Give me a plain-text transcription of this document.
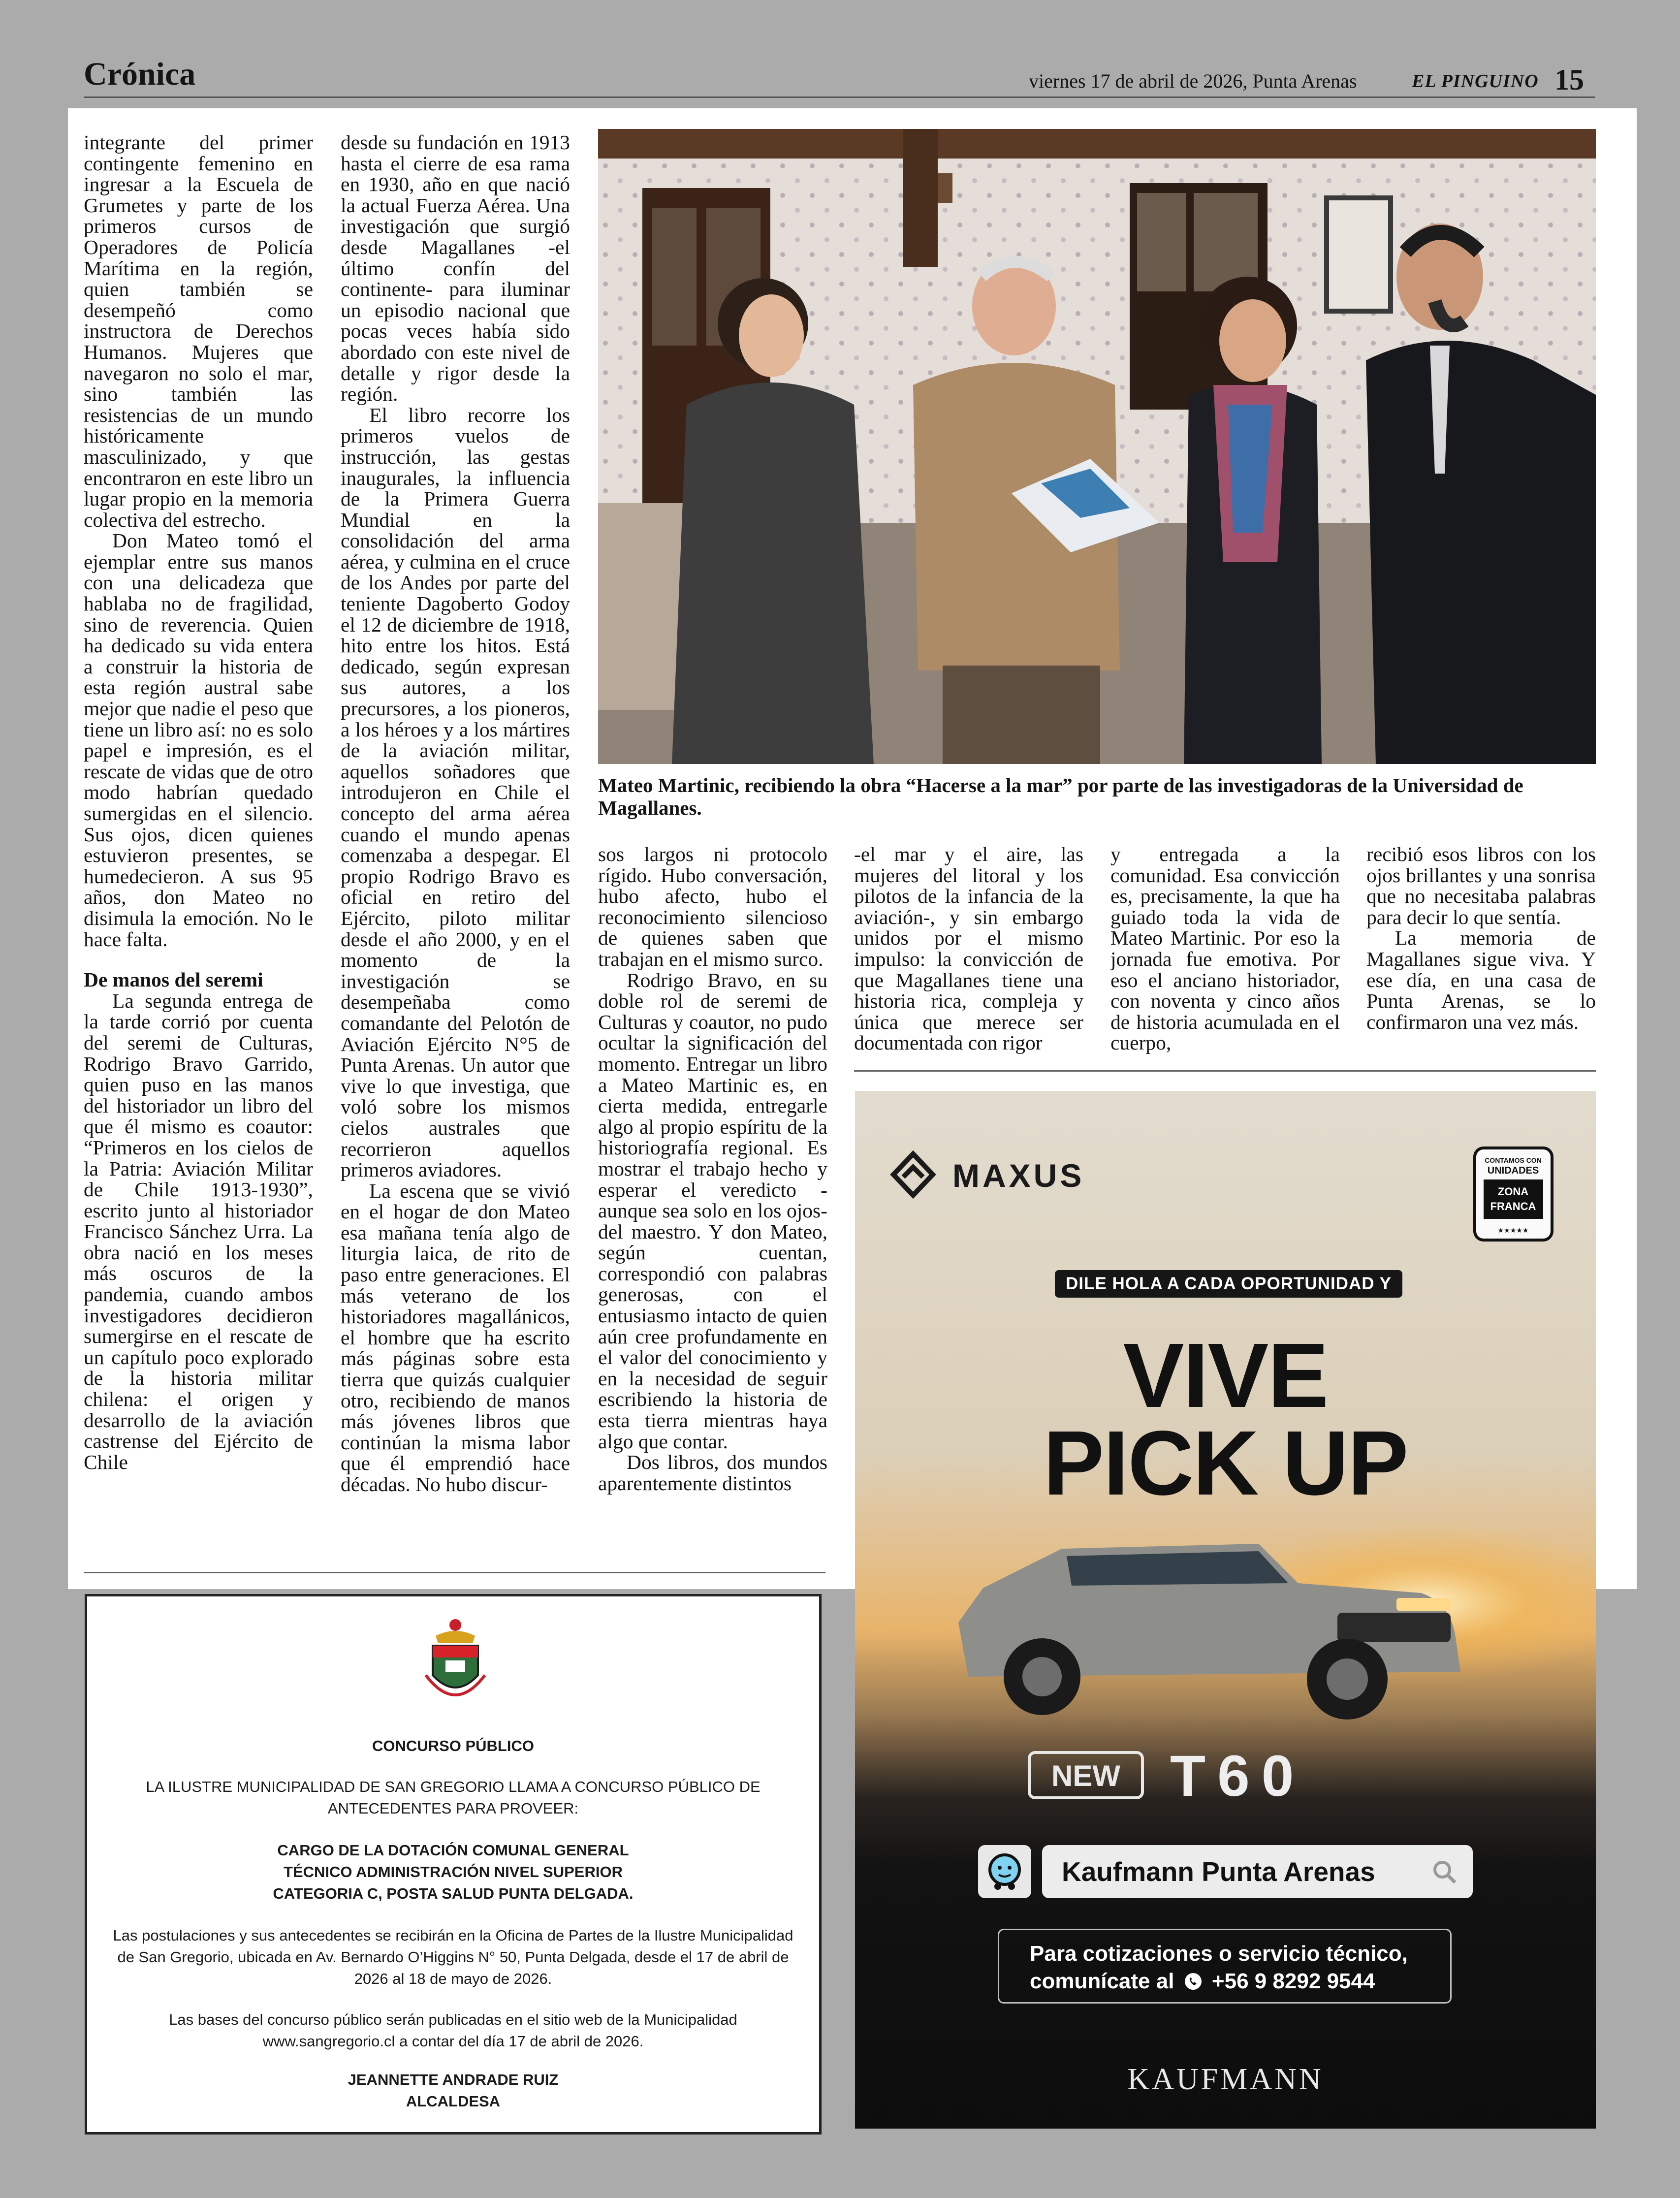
Crónica	viernes 17 de abril de 2026, Punta Arenas	EL PINGUINO 15

integrante del primer contingente femenino en ingresar a la Escuela de Grumetes y parte de los primeros cursos de Operadores de Policía Marítima en la región, quien también se desempeñó como instructora de Derechos Humanos. Mujeres que navegaron no solo el mar, sino también las resistencias de un mundo históricamente masculinizado, y que encontraron en este libro un lugar propio en la memoria colectiva del estrecho.

Don Mateo tomó el ejemplar entre sus manos con una delicadeza que hablaba no de fragilidad, sino de reverencia. Quien ha dedicado su vida entera a construir la historia de esta región austral sabe mejor que nadie el peso que tiene un libro así: no es solo papel e impresión, es el rescate de vidas que de otro modo habrían quedado sumergidas en el silencio. Sus ojos, dicen quienes estuvieron presentes, se humedecieron. A sus 95 años, don Mateo no disimula la emoción. No le hace falta.

De manos del seremi

La segunda entrega de la tarde corrió por cuenta del seremi de Culturas, Rodrigo Bravo Garrido, quien puso en las manos del historiador un libro del que él mismo es coautor: “Primeros en los cielos de la Patria: Aviación Militar de Chile 1913-1930”, escrito junto al historiador Francisco Sánchez Urra. La obra nació en los meses más oscuros de la pandemia, cuando ambos investigadores decidieron sumergirse en el rescate de un capítulo poco explorado de la historia militar chilena: el origen y desarrollo de la aviación castrense del Ejército de Chile

desde su fundación en 1913 hasta el cierre de esa rama en 1930, año en que nació la actual Fuerza Aérea. Una investigación que surgió desde Magallanes -el último confín del continente- para iluminar un episodio nacional que pocas veces había sido abordado con este nivel de detalle y rigor desde la región.

El libro recorre los primeros vuelos de instrucción, las gestas inaugurales, la influencia de la Primera Guerra Mundial en la consolidación del arma aérea, y culmina en el cruce de los Andes por parte del teniente Dagoberto Godoy el 12 de diciembre de 1918, hito entre los hitos. Está dedicado, según expresan sus autores, a los precursores, a los pioneros, a los héroes y a los mártires de la aviación militar, aquellos soñadores que introdujeron en Chile el concepto del arma aérea cuando el mundo apenas comenzaba a despegar. El propio Rodrigo Bravo es oficial en retiro del Ejército, piloto militar desde el año 2000, y en el momento de la investigación se desempeñaba como comandante del Pelotón de Aviación Ejército N°5 de Punta Arenas. Un autor que vive lo que investiga, que voló sobre los mismos cielos australes que recorrieron aquellos primeros aviadores.

La escena que se vivió en el hogar de don Mateo esa mañana tenía algo de liturgia laica, de rito de paso entre generaciones. El más veterano de los historiadores magallánicos, el hombre que ha escrito más páginas sobre esta tierra que quizás cualquier otro, recibiendo de manos más jóvenes libros que continúan la misma labor que él emprendió hace décadas. No hubo discur-

sos largos ni protocolo rígido. Hubo conversación, hubo afecto, hubo el reconocimiento silencioso de quienes saben que trabajan en el mismo surco.

Rodrigo Bravo, en su doble rol de seremi de Culturas y coautor, no pudo ocultar la significación del momento. Entregar un libro a Mateo Martinic es, en cierta medida, entregarle algo al propio espíritu de la historiografía regional. Es mostrar el trabajo hecho y esperar el veredicto -aunque sea solo en los ojos- del maestro. Y don Mateo, según cuentan, correspondió con palabras generosas, con el entusiasmo intacto de quien aún cree profundamente en el valor del conocimiento y en la necesidad de seguir escribiendo la historia de esta tierra mientras haya algo que contar.

Dos libros, dos mundos aparentemente distintos

-el mar y el aire, las mujeres del litoral y los pilotos de la infancia de la aviación-, y sin embargo unidos por el mismo impulso: la convicción de que Magallanes tiene una historia rica, compleja y única que merece ser documentada con rigor

y entregada a la comunidad. Esa convicción es, precisamente, la que ha guiado toda la vida de Mateo Martinic. Por eso la jornada fue emotiva. Por eso el anciano historiador, con noventa y cinco años de historia acumulada en el cuerpo,

recibió esos libros con los ojos brillantes y una sonrisa que no necesitaba palabras para decir lo que sentía.

La memoria de Magallanes sigue viva. Y ese día, en una casa de Punta Arenas, se lo confirmaron una vez más.

Mateo Martinic, recibiendo la obra “Hacerse a la mar” por parte de las investigadoras de la Universidad de Magallanes.
CONCURSO PÚBLICO
LA ILUSTRE MUNICIPALIDAD DE SAN GREGORIO LLAMA A CONCURSO PÚBLICO DE ANTECEDENTES PARA PROVEER:
CARGO DE LA DOTACIÓN COMUNAL GENERAL
TÉCNICO ADMINISTRACIÓN NIVEL SUPERIOR
CATEGORIA C, POSTA SALUD PUNTA DELGADA.
Las postulaciones y sus antecedentes se recibirán en la Oficina de Partes de la Ilustre Municipalidad de San Gregorio, ubicada en Av. Bernardo O’Higgins N° 50, Punta Delgada, desde el 17 de abril de 2026 al 18 de mayo de 2026.
Las bases del concurso público serán publicadas en el sitio web de la Municipalidad www.sangregorio.cl a contar del día 17 de abril de 2026.
JEANNETTE ANDRADE RUIZ
ALCALDESA
MAXUS	CONTAMOS CON
UNIDADES
ZONA
FRANCA
★★★★★
DILE HOLA A CADA OPORTUNIDAD Y
VIVE
PICK UP
NEW T60
Kaufmann Punta Arenas
Para cotizaciones o servicio técnico,
comunícate al +56 9 8292 9544
KAUFMANN
